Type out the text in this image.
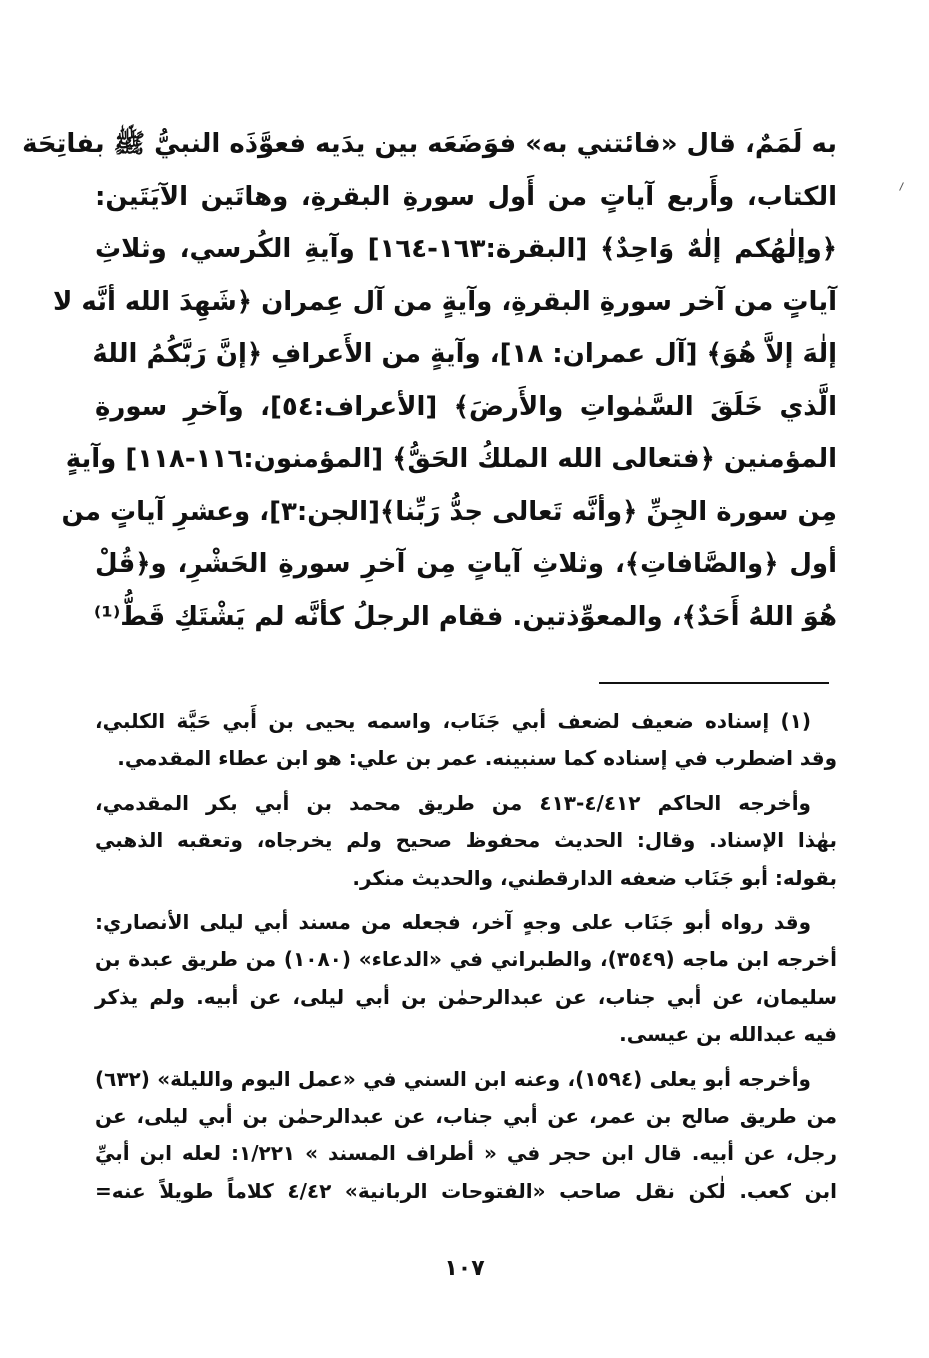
به لَمَمٌ، قال «فائتني به» فوَضَعَه بين يدَيه فعوَّذَه النبيُّ ﷺ بفاتِحَة
الكتاب، وأَربع آياتٍ من أَول سورةِ البقرةِ، وهاتَين الآيَتَين:
﴿وإلٰهُكم إلٰهٌ وَاحِدٌ﴾ [البقرة:١٦٣-١٦٤] وآيةِ الكُرسي، وثلاثِ
آياتٍ من آخر سورةِ البقرةِ، وآيةٍ من آل عِمران ﴿شَهِدَ الله أنَّه لا
إلٰهَ إلاَّ هُوَ﴾ [آل عمران: ١٨]، وآيةٍ من الأَعرافِ ﴿إنَّ رَبَّكُمُ اللهُ
الَّذي خَلَقَ السَّمٰواتِ والأَرضَ﴾ [الأعراف:٥٤]، وآخرِ سورةِ
المؤمنين ﴿فتعالى الله الملكُ الحَقُّ﴾ [المؤمنون:١١٦-١١٨] وآيةٍ
مِن سورة الجِنِّ ﴿وأنَّه تَعالى جدُّ رَبِّنا﴾[الجن:٣]، وعشرِ آياتٍ من
أول ﴿والصَّافاتِ﴾، وثلاثِ آياتٍ مِن آخرِ سورةِ الحَشْرِ، و﴿قُلْ
هُوَ اللهُ أَحَدٌ﴾، والمعوِّذتين. فقام الرجلُ كأنَّه لم يَشْتَكِ قَطُّ⁽¹⁾
(١) إسناده ضعيف لضعف أبي جَنَاب، واسمه يحيى بن أَبي حَيَّة الكلبي،
وقد اضطرب في إسناده كما سنبينه. عمر بن علي: هو ابن عطاء المقدمي.
وأخرجه الحاكم ٤/٤١٢-٤١٣ من طريق محمد بن أبي بكر المقدمي،
بهٰذا الإسناد. وقال: الحديث محفوظ صحيح ولم يخرجاه، وتعقبه الذهبي
بقوله: أبو جَنَاب ضعفه الدارقطني، والحديث منكر.
وقد رواه أبو جَنَاب على وجهٍ آخر، فجعله من مسند أبي ليلى الأنصاري:
أخرجه ابن ماجه (٣٥٤٩)، والطبراني في «الدعاء» (١٠٨٠) من طريق عبدة بن
سليمان، عن أبي جناب، عن عبدالرحمٰن بن أبي ليلى، عن أبيه. ولم يذكر
فيه عبدالله بن عيسى.
وأخرجه أبو يعلى (١٥٩٤)، وعنه ابن السني في «عمل اليوم والليلة» (٦٣٢)
من طريق صالح بن عمر، عن أبي جناب، عن عبدالرحمٰن بن أبي ليلى، عن
رجل، عن أبيه. قال ابن حجر في « أطراف المسند » ١/٢٢١: لعله ابن أبيِّ
ابن كعب. لٰكن نقل صاحب «الفتوحات الربانية» ٤/٤٢ كلاماً طويلاً عنه=
١٠٧
